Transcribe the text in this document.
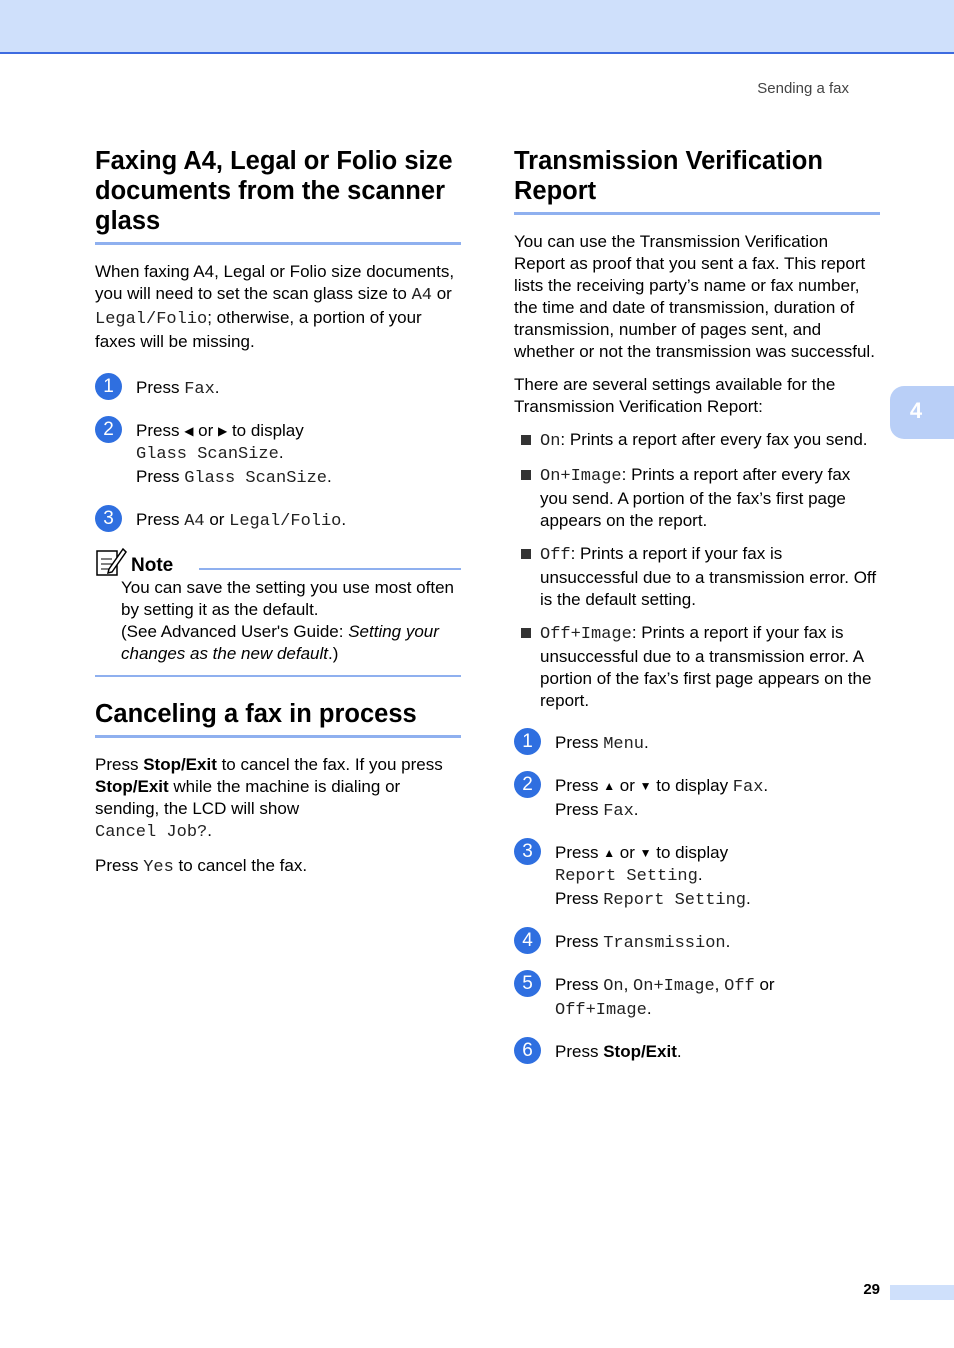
Sending a fax
Faxing A4, Legal or Folio size documents from the scanner glass

When faxing A4, Legal or Folio size documents, you will need to set the scan glass size to A4 or Legal/Folio; otherwise, a portion of your faxes will be missing.

1	Press Fax.
2	Press ◀ or ▶ to display
Glass ScanSize.
Press Glass ScanSize.
3	Press A4 or Legal/Folio.
Note

You can save the setting you use most often by setting it as the default.

(See Advanced User's Guide: Setting your changes as the new default.)

Canceling a fax in process

Press Stop/Exit to cancel the fax. If you press Stop/Exit while the machine is dialing or sending, the LCD will show
Cancel Job?.

Press Yes to cancel the fax.

Transmission Verification Report

You can use the Transmission Verification Report as proof that you sent a fax. This report lists the receiving party’s name or fax number, the time and date of transmission, duration of transmission, number of pages sent, and whether or not the transmission was successful.

There are several settings available for the Transmission Verification Report:

On: Prints a report after every fax you send.
On+Image: Prints a report after every fax you send. A portion of the fax’s first page appears on the report.
Off: Prints a report if your fax is unsuccessful due to a transmission error. Off is the default setting.
Off+Image: Prints a report if your fax is unsuccessful due to a transmission error. A portion of the fax’s first page appears on the report.
1	Press Menu.
2	Press ▲ or ▼ to display Fax.
Press Fax.
3	Press ▲ or ▼ to display
Report Setting.
Press Report Setting.
4	Press Transmission.
5	Press On, On+Image, Off or
Off+Image.
6	Press Stop/Exit.
4
29
